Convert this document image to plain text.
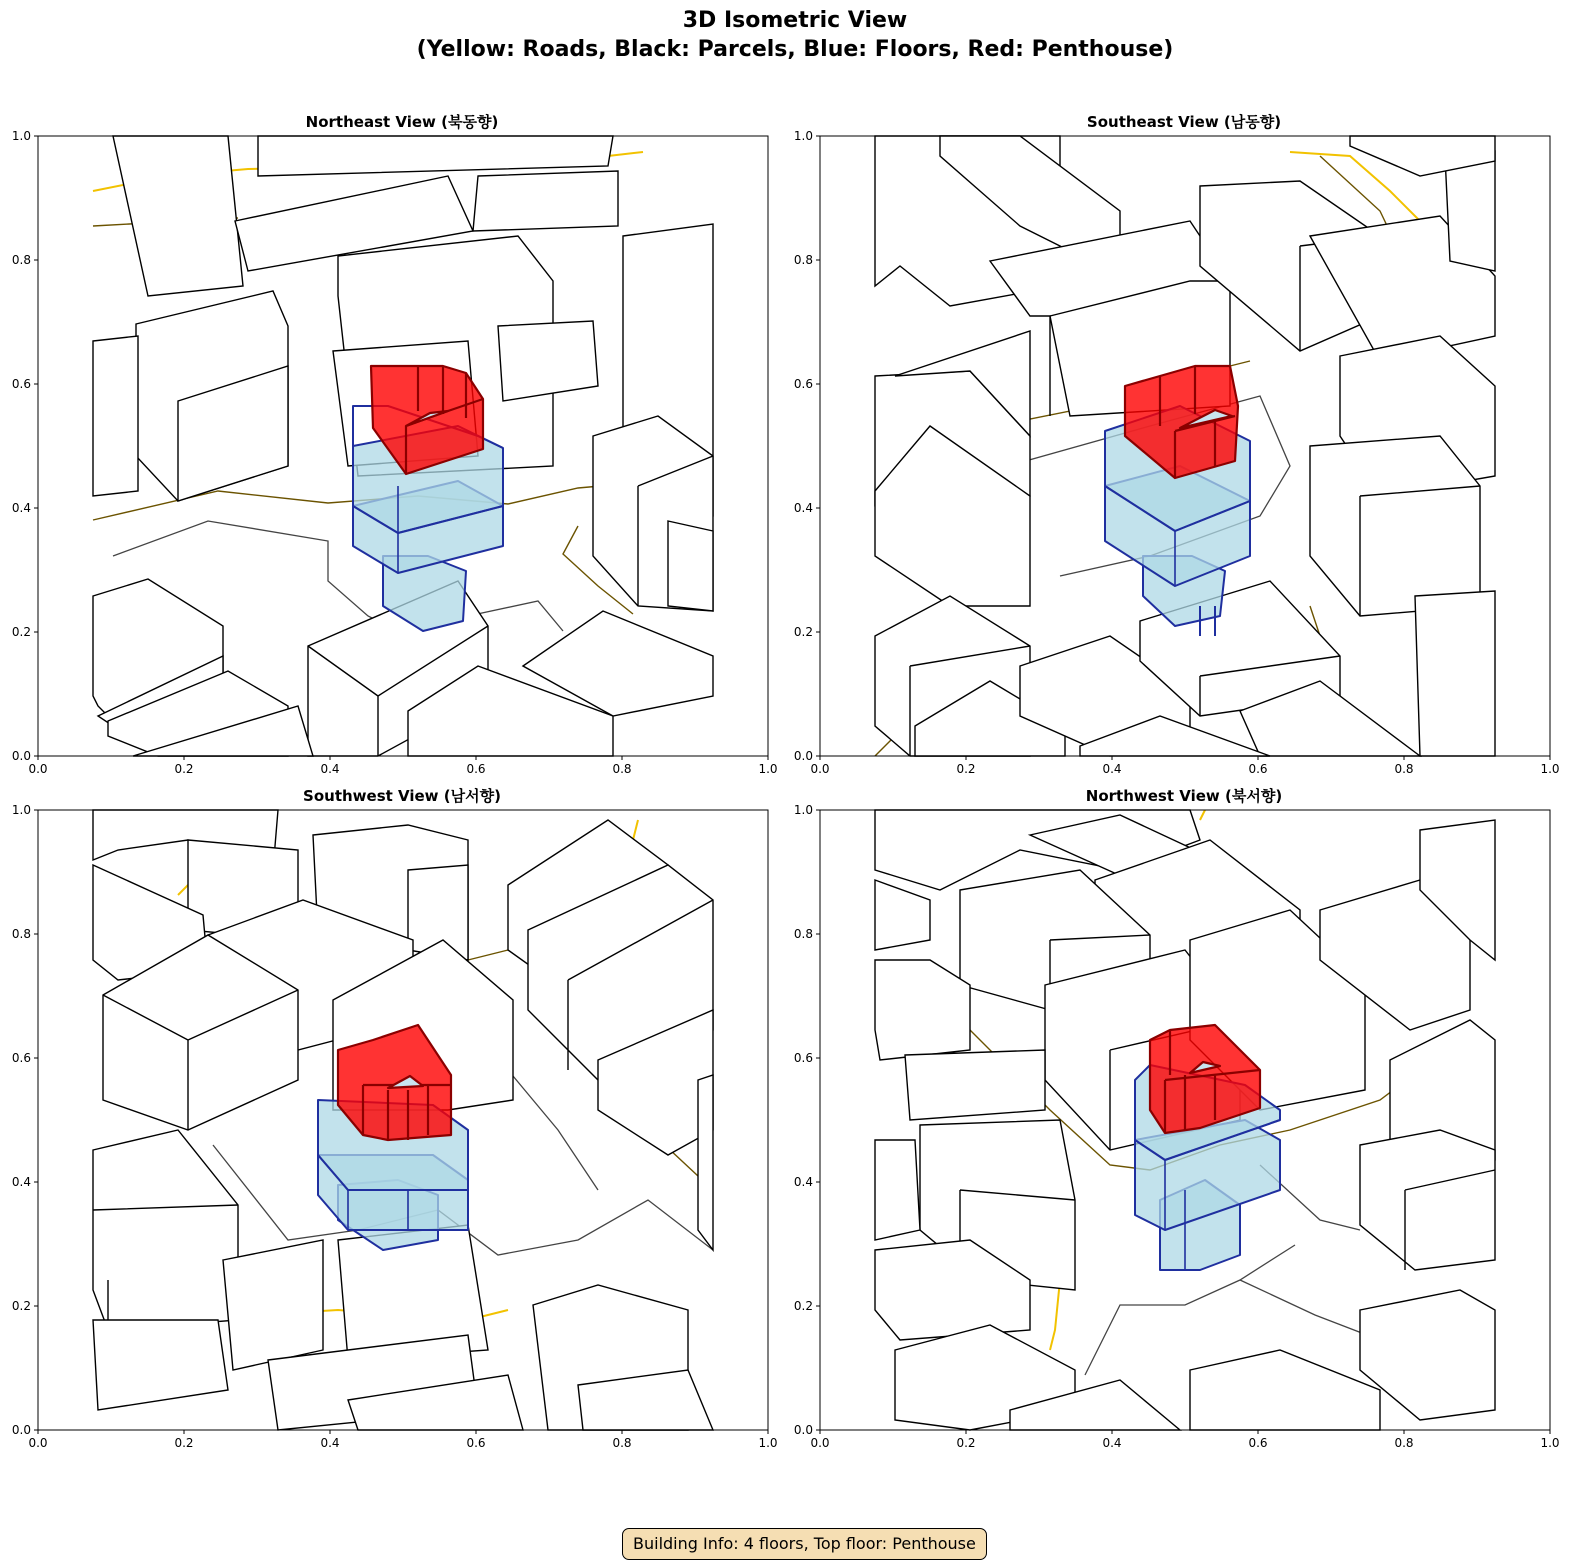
3D Isometric View
(Yellow: Roads, Black: Parcels, Blue: Floors, Red: Penthouse)
Northeast View (북동향)
0.0
0.0
0.2
0.2
0.4
0.4
0.6
0.6
0.8
0.8
1.0
1.0
Southeast View (남동향)
0.0
0.0
0.2
0.2
0.4
0.4
0.6
0.6
0.8
0.8
1.0
1.0
Southwest View (남서향)
0.0
0.0
0.2
0.2
0.4
0.4
0.6
0.6
0.8
0.8
1.0
1.0
Northwest View (북서향)
0.0
0.0
0.2
0.2
0.4
0.4
0.6
0.6
0.8
0.8
1.0
1.0
Building Info: 4 floors, Top floor: Penthouse
